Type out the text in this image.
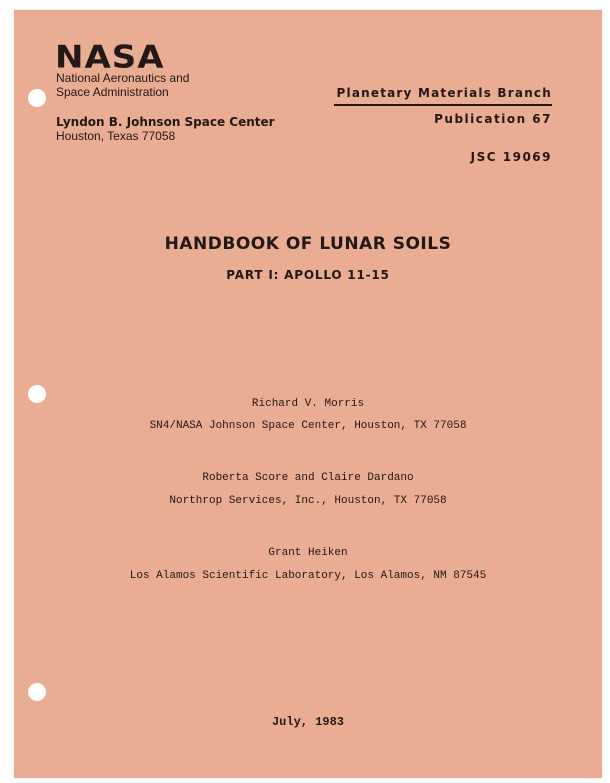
NASA
National Aeronautics and
Space Administration
Lyndon B. Johnson Space Center
Houston, Texas 77058
Planetary Materials Branch
Publication 67
JSC 19069
HANDBOOK OF LUNAR SOILS
PART I: APOLLO 11-15
Richard V. Morris
SN4/NASA Johnson Space Center, Houston, TX 77058
Roberta Score and Claire Dardano
Northrop Services, Inc., Houston, TX 77058
Grant Heiken
Los Alamos Scientific Laboratory, Los Alamos, NM 87545
July, 1983
